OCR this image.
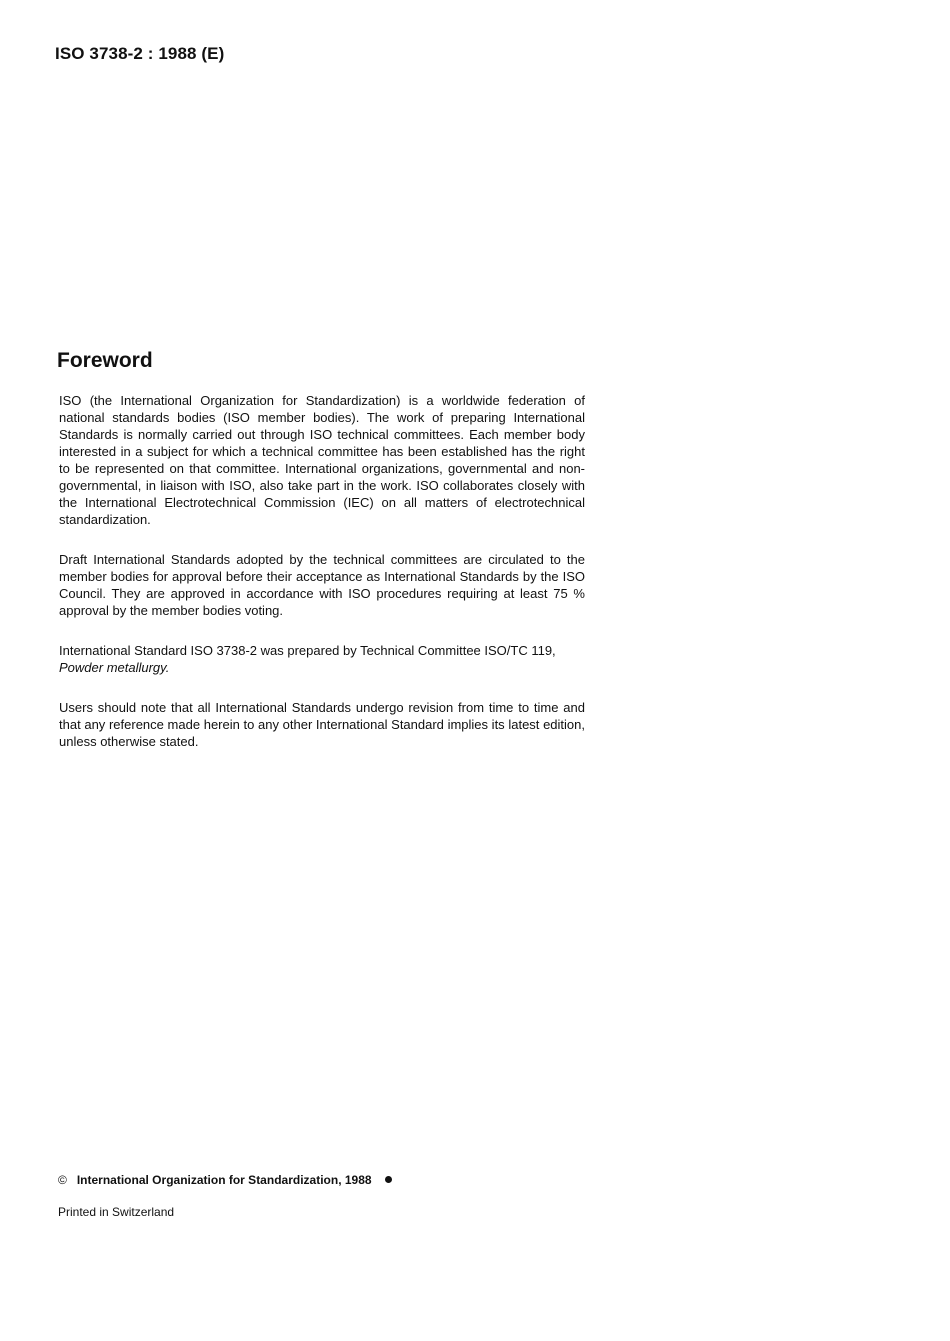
ISO 3738-2 : 1988 (E)
Foreword

ISO (the International Organization for Standardization) is a worldwide federation of national standards bodies (ISO member bodies). The work of preparing International Standards is normally carried out through ISO technical committees. Each member body interested in a subject for which a technical committee has been established has the right to be represented on that committee. International organizations, governmental and non-governmental, in liaison with ISO, also take part in the work. ISO collaborates closely with the International Electrotechnical Commission (IEC) on all matters of electrotechnical standardization.

Draft International Standards adopted by the technical committees are circulated to the member bodies for approval before their acceptance as International Standards by the ISO Council. They are approved in accordance with ISO procedures requiring at least 75 % approval by the member bodies voting.

International Standard ISO 3738-2 was prepared by Technical Committee ISO/TC 119,
Powder metallurgy.

Users should note that all International Standards undergo revision from time to time and that any reference made herein to any other International Standard implies its latest edition, unless otherwise stated.

© International Organization for Standardization, 1988
Printed in Switzerland
